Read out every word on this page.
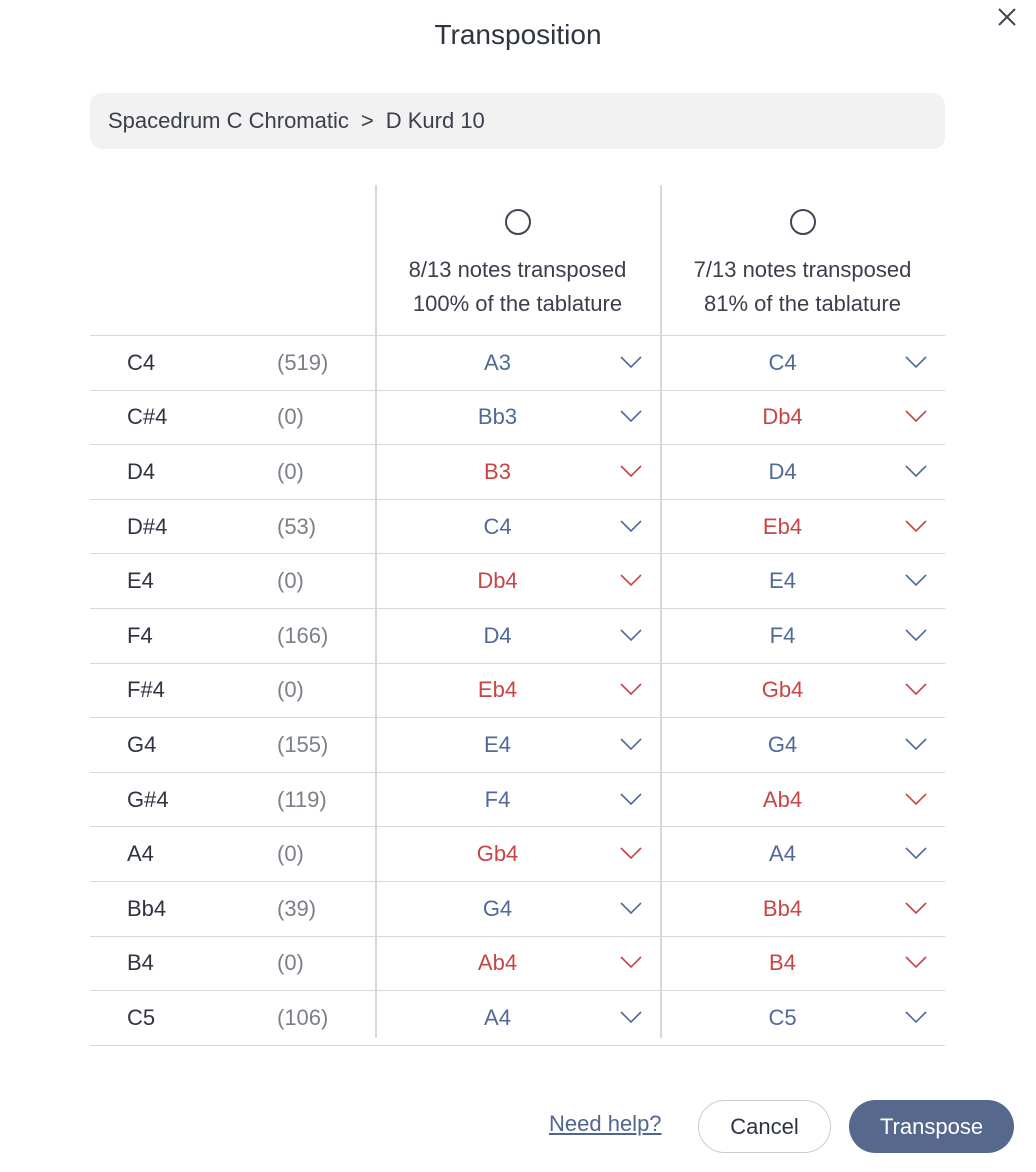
Transposition
Spacedrum C Chromatic > D Kurd 10
8/13 notes transposed
100% of the tablature
7/13 notes transposed
81% of the tablature
C4	(519)	A3	C4
C#4	(0)	Bb3	Db4
D4	(0)	B3	D4
D#4	(53)	C4	Eb4
E4	(0)	Db4	E4
F4	(166)	D4	F4
F#4	(0)	Eb4	Gb4
G4	(155)	E4	G4
G#4	(119)	F4	Ab4
A4	(0)	Gb4	A4
Bb4	(39)	G4	Bb4
B4	(0)	Ab4	B4
C5	(106)	A4	C5
Need help?	Cancel	Transpose
